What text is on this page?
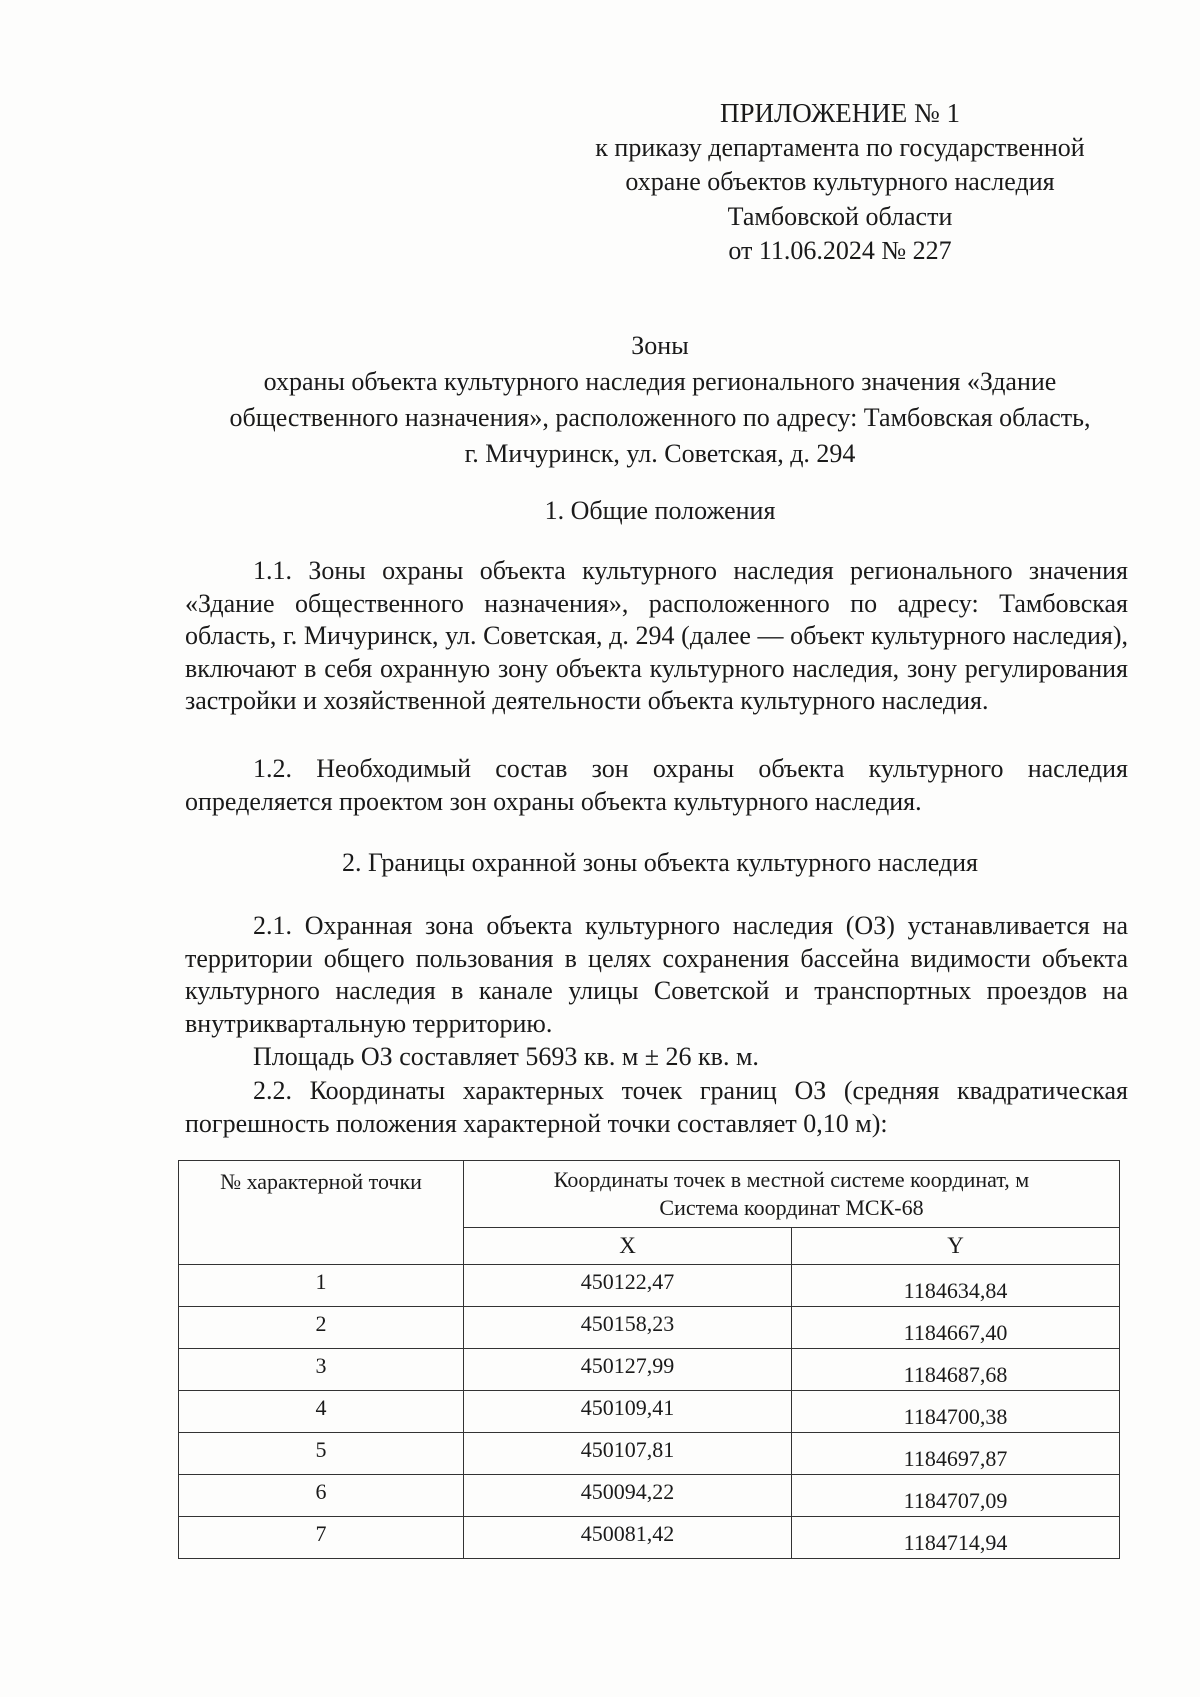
ПРИЛОЖЕНИЕ № 1
к приказу департамента по государственной
охране объектов культурного наследия
Тамбовской области
от 11.06.2024 № 227
Зоны
охраны объекта культурного наследия регионального значения «Здание
общественного назначения», расположенного по адресу: Тамбовская область,
г. Мичуринск, ул. Советская, д. 294
1. Общие положения

1.1. Зоны охраны объекта культурного наследия регионального значения «Здание общественного назначения», расположенного по адресу: Тамбовская область, г. Мичуринск, ул. Советская, д. 294 (далее — объект культурного наследия), включают в себя охранную зону объекта культурного наследия, зону регулирования застройки и хозяйственной деятельности объекта культурного наследия.

1.2. Необходимый состав зон охраны объекта культурного наследия определяется проектом зон охраны объекта культурного наследия.

2. Границы охранной зоны объекта культурного наследия

2.1. Охранная зона объекта культурного наследия (ОЗ) устанавливается на территории общего пользования в целях сохранения бассейна видимости объекта культурного наследия в канале улицы Советской и транспортных проездов на внутриквартальную территорию.

Площадь ОЗ составляет 5693 кв. м ± 26 кв. м.

2.2. Координаты характерных точек границ ОЗ (средняя квадратическая погрешность положения характерной точки составляет 0,10 м):

№ характерной точки	Координаты точек в местной системе координат, м
Система координат МСК-68	

	X	Y
1	450122,47	1184634,84
2	450158,23	1184667,40
3	450127,99	1184687,68
4	450109,41	1184700,38
5	450107,81	1184697,87
6	450094,22	1184707,09
7	450081,42	1184714,94
